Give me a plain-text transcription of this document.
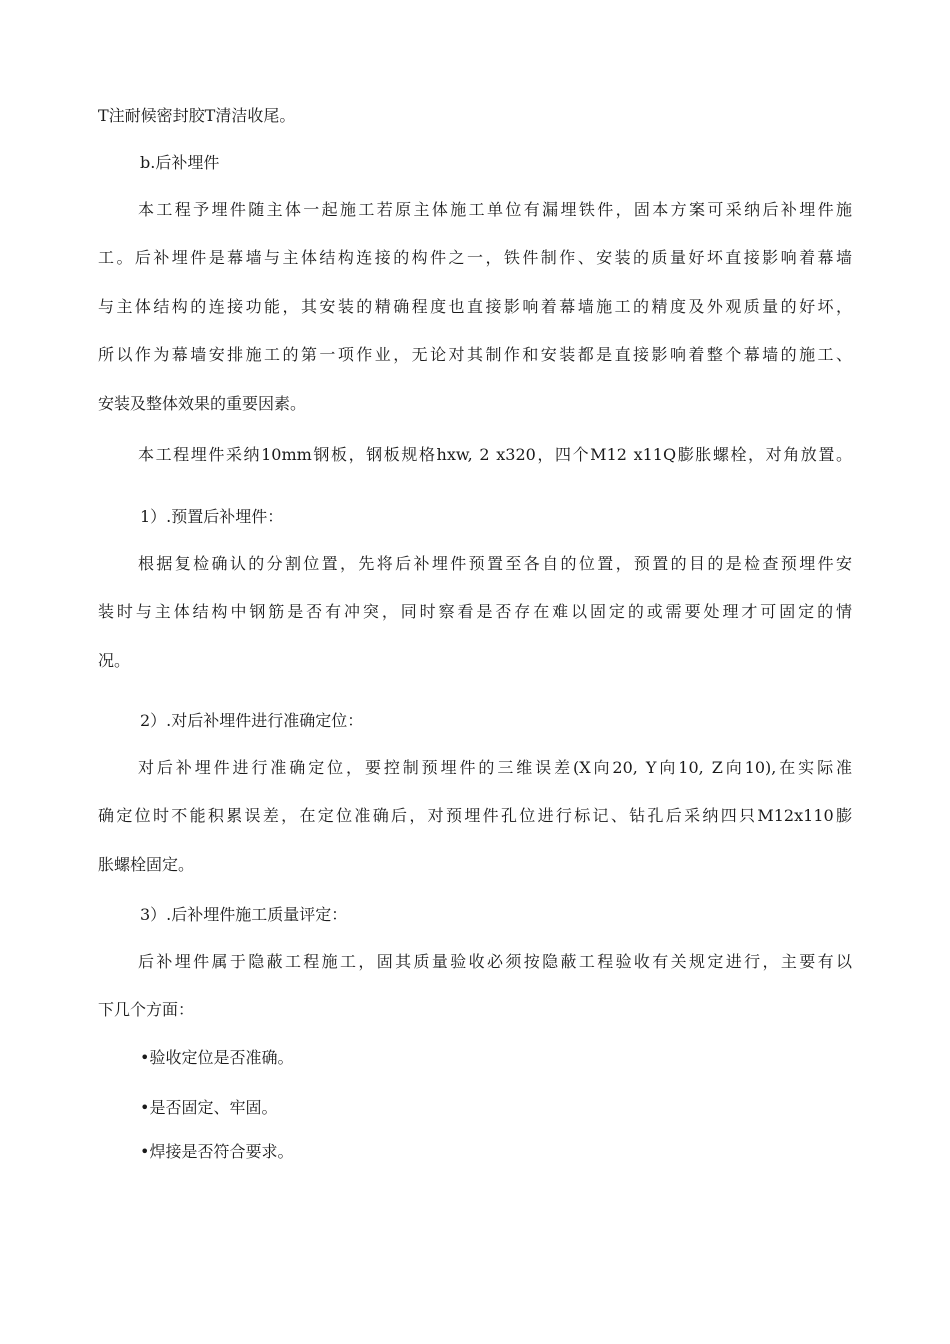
T注耐候密封胶T清洁收尾。
b.后补埋件
本工程予埋件随主体一起施工若原主体施工单位有漏埋铁件，固本方案可采纳后补埋件施
工。后补埋件是幕墙与主体结构连接的构件之一，铁件制作、安装的质量好坏直接影响着幕墙
与主体结构的连接功能，其安装的精确程度也直接影响着幕墙施工的精度及外观质量的好坏，
所以作为幕墙安排施工的第一项作业，无论对其制作和安装都是直接影响着整个幕墙的施工、
安装及整体效果的重要因素。
本工程埋件采纳10mm钢板，钢板规格hxw, 2 x320，四个M12 x11Q膨胀螺栓，对角放置。
1）.预置后补埋件：
根据复检确认的分割位置，先将后补埋件预置至各自的位置，预置的目的是检查预埋件安
装时与主体结构中钢筋是否有冲突，同时察看是否存在难以固定的或需要处理才可固定的情
况。
2）.对后补埋件进行准确定位：
对后补埋件进行准确定位，要控制预埋件的三维误差(X向20, Y向10, Z向10),在实际准
确定位时不能积累误差，在定位准确后，对预埋件孔位进行标记、钻孔后采纳四只M12x110膨
胀螺栓固定。
3）.后补埋件施工质量评定：
后补埋件属于隐蔽工程施工，固其质量验收必须按隐蔽工程验收有关规定进行，主要有以
下几个方面：
•验收定位是否准确。
•是否固定、牢固。
•焊接是否符合要求。
